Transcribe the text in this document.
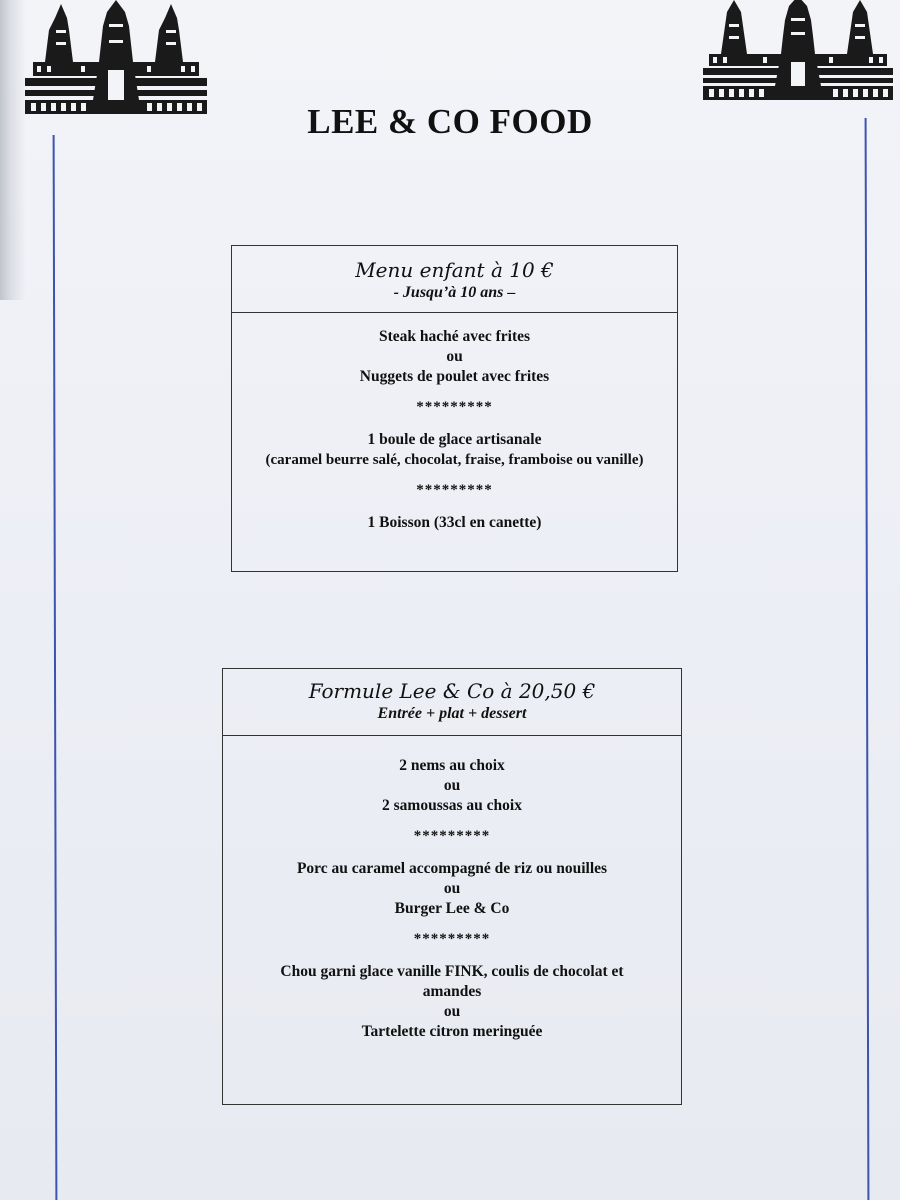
LEE & CO FOOD
Menu enfant à 10 €
- Jusqu’à 10 ans –
Steak haché avec frites
ou
Nuggets de poulet avec frites
*********
1 boule de glace artisanale
(caramel beurre salé, chocolat, fraise, framboise ou vanille)
*********
1 Boisson (33cl en canette)
Formule Lee & Co à 20,50 €
Entrée + plat + dessert
2 nems au choix
ou
2 samoussas au choix
*********
Porc au caramel accompagné de riz ou nouilles
ou
Burger Lee & Co
*********
Chou garni glace vanille FINK, coulis de chocolat et
amandes
ou
Tartelette citron meringuée
